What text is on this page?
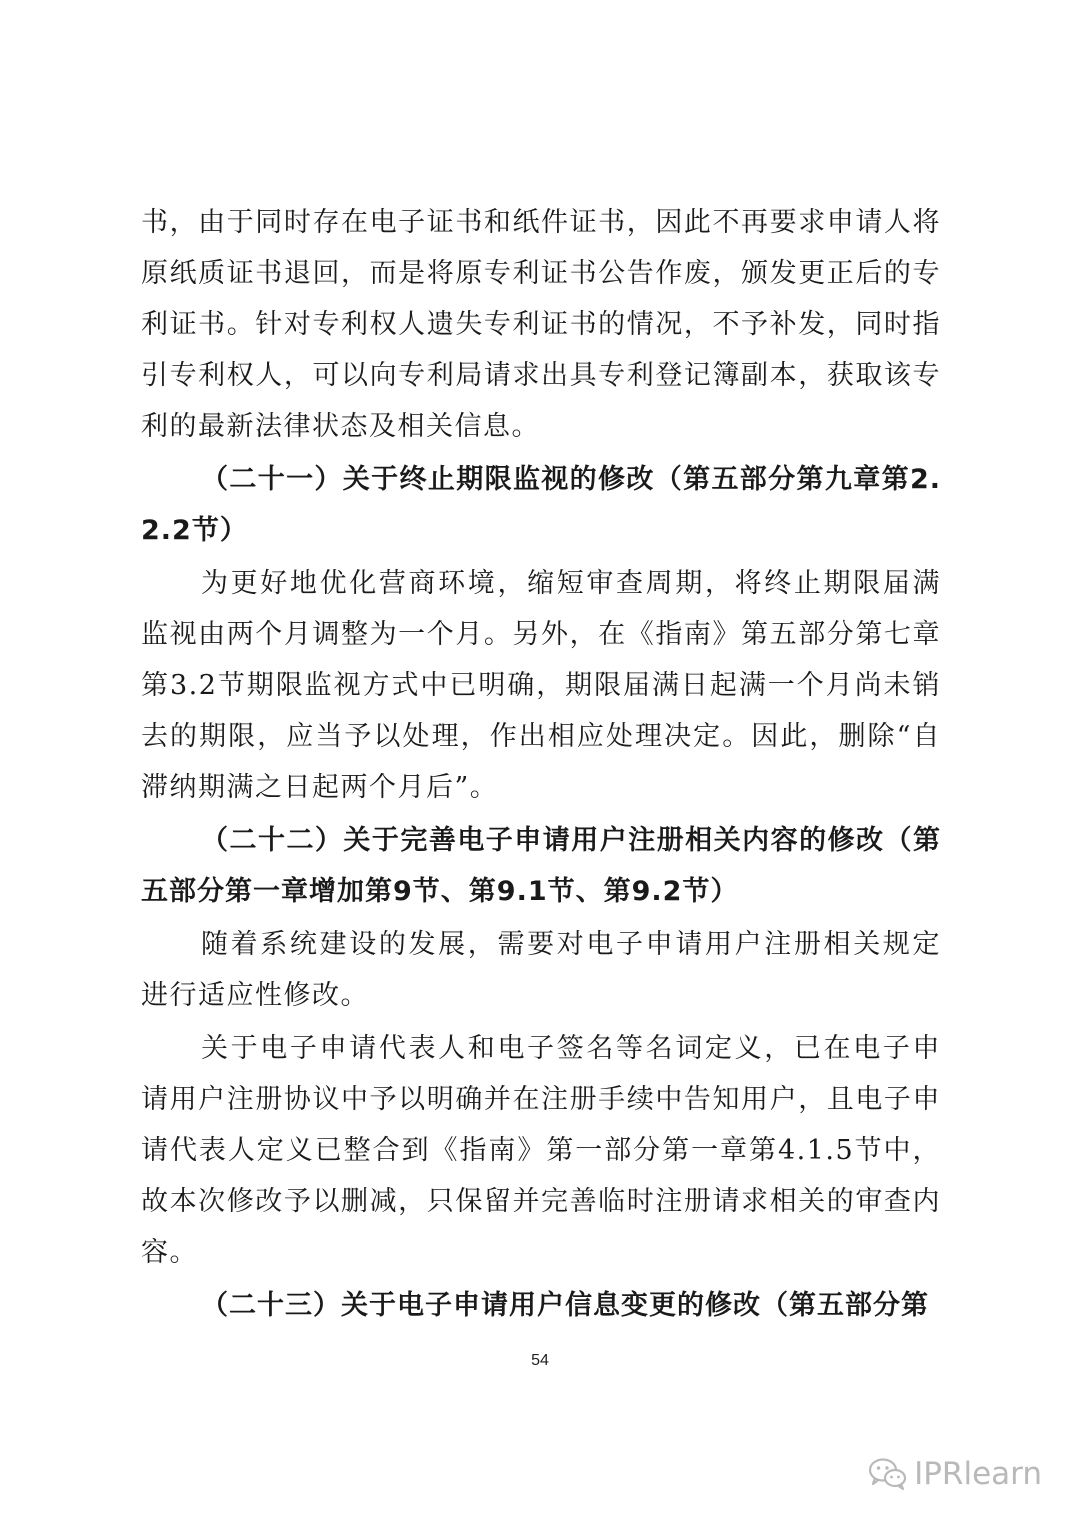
书，由于同时存在电子证书和纸件证书，因此不再要求申请人将原纸质证书退回，而是将原专利证书公告作废，颁发更正后的专利证书。针对专利权人遗失专利证书的情况，不予补发，同时指引专利权人，可以向专利局请求出具专利登记簿副本，获取该专利的最新法律状态及相关信息。

（二十一）关于终止期限监视的修改（第五部分第九章第2.2.2节）

为更好地优化营商环境，缩短审查周期，将终止期限届满监视由两个月调整为一个月。另外，在《指南》第五部分第七章第3.2节期限监视方式中已明确，期限届满日起满一个月尚未销去的期限，应当予以处理，作出相应处理决定。因此，删除“自滞纳期满之日起两个月后”。

（二十二）关于完善电子申请用户注册相关内容的修改（第五部分第一章增加第9节、第9.1节、第9.2节）

随着系统建设的发展，需要对电子申请用户注册相关规定进行适应性修改。

关于电子申请代表人和电子签名等名词定义，已在电子申请用户注册协议中予以明确并在注册手续中告知用户，且电子申请代表人定义已整合到《指南》第一部分第一章第4.1.5节中，故本次修改予以删减，只保留并完善临时注册请求相关的审查内容。

（二十三）关于电子申请用户信息变更的修改（第五部分第

54
IPRlearn
